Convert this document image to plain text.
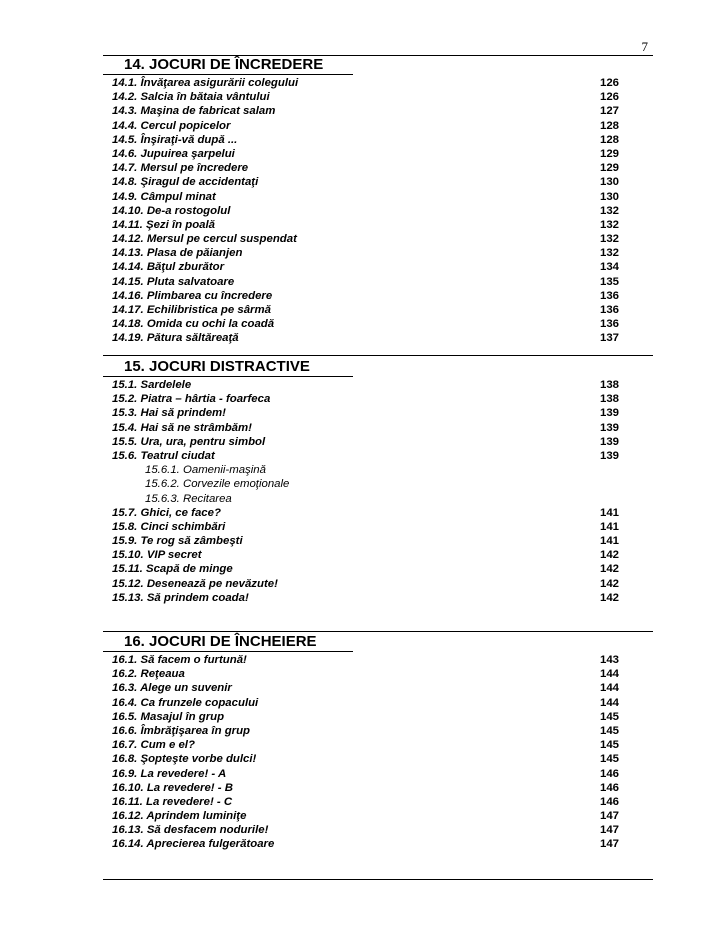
7
14. JOCURI DE ÎNCREDERE
14.1. Învăţarea asigurării colegului	126
14.2. Salcia în bătaia vântului	126
14.3. Maşina de fabricat salam	127
14.4. Cercul popicelor	128
14.5. Înşiraţi-vă după ...	128
14.6. Jupuirea şarpelui	129
14.7. Mersul pe încredere	129
14.8. Şiragul de accidentaţi	130
14.9. Câmpul minat	130
14.10. De-a rostogolul	132
14.11. Şezi în poală	132
14.12. Mersul pe cercul suspendat	132
14.13. Plasa de păianjen	132
14.14. Băţul zburător	134
14.15. Pluta salvatoare	135
14.16. Plimbarea cu încredere	136
14.17. Echilibristica pe sârmă	136
14.18. Omida cu ochi la coadă	136
14.19. Pătura săltăreaţă	137
15. JOCURI DISTRACTIVE
15.1. Sardelele	138
15.2. Piatra – hârtia - foarfeca	138
15.3. Hai să prindem!	139
15.4. Hai să ne strâmbăm!	139
15.5. Ura, ura, pentru simbol	139
15.6. Teatrul ciudat	139
15.6.1. Oamenii-maşină
15.6.2. Corvezile emoţionale
15.6.3. Recitarea
15.7. Ghici, ce face?	141
15.8. Cinci schimbări	141
15.9. Te rog să zâmbeşti	141
15.10. VIP secret	142
15.11. Scapă de minge	142
15.12. Desenează pe nevăzute!	142
15.13. Să prindem coada!	142
16. JOCURI DE ÎNCHEIERE
16.1. Să facem o furtună!	143
16.2. Reţeaua	144
16.3. Alege un suvenir	144
16.4. Ca frunzele copacului	144
16.5. Masajul în grup	145
16.6. Îmbrăţişarea în grup	145
16.7. Cum e el?	145
16.8. Şopteşte vorbe dulci!	145
16.9. La revedere! - A	146
16.10. La revedere! - B	146
16.11. La revedere! - C	146
16.12. Aprindem luminiţe	147
16.13. Să desfacem nodurile!	147
16.14. Aprecierea fulgerătoare	147
